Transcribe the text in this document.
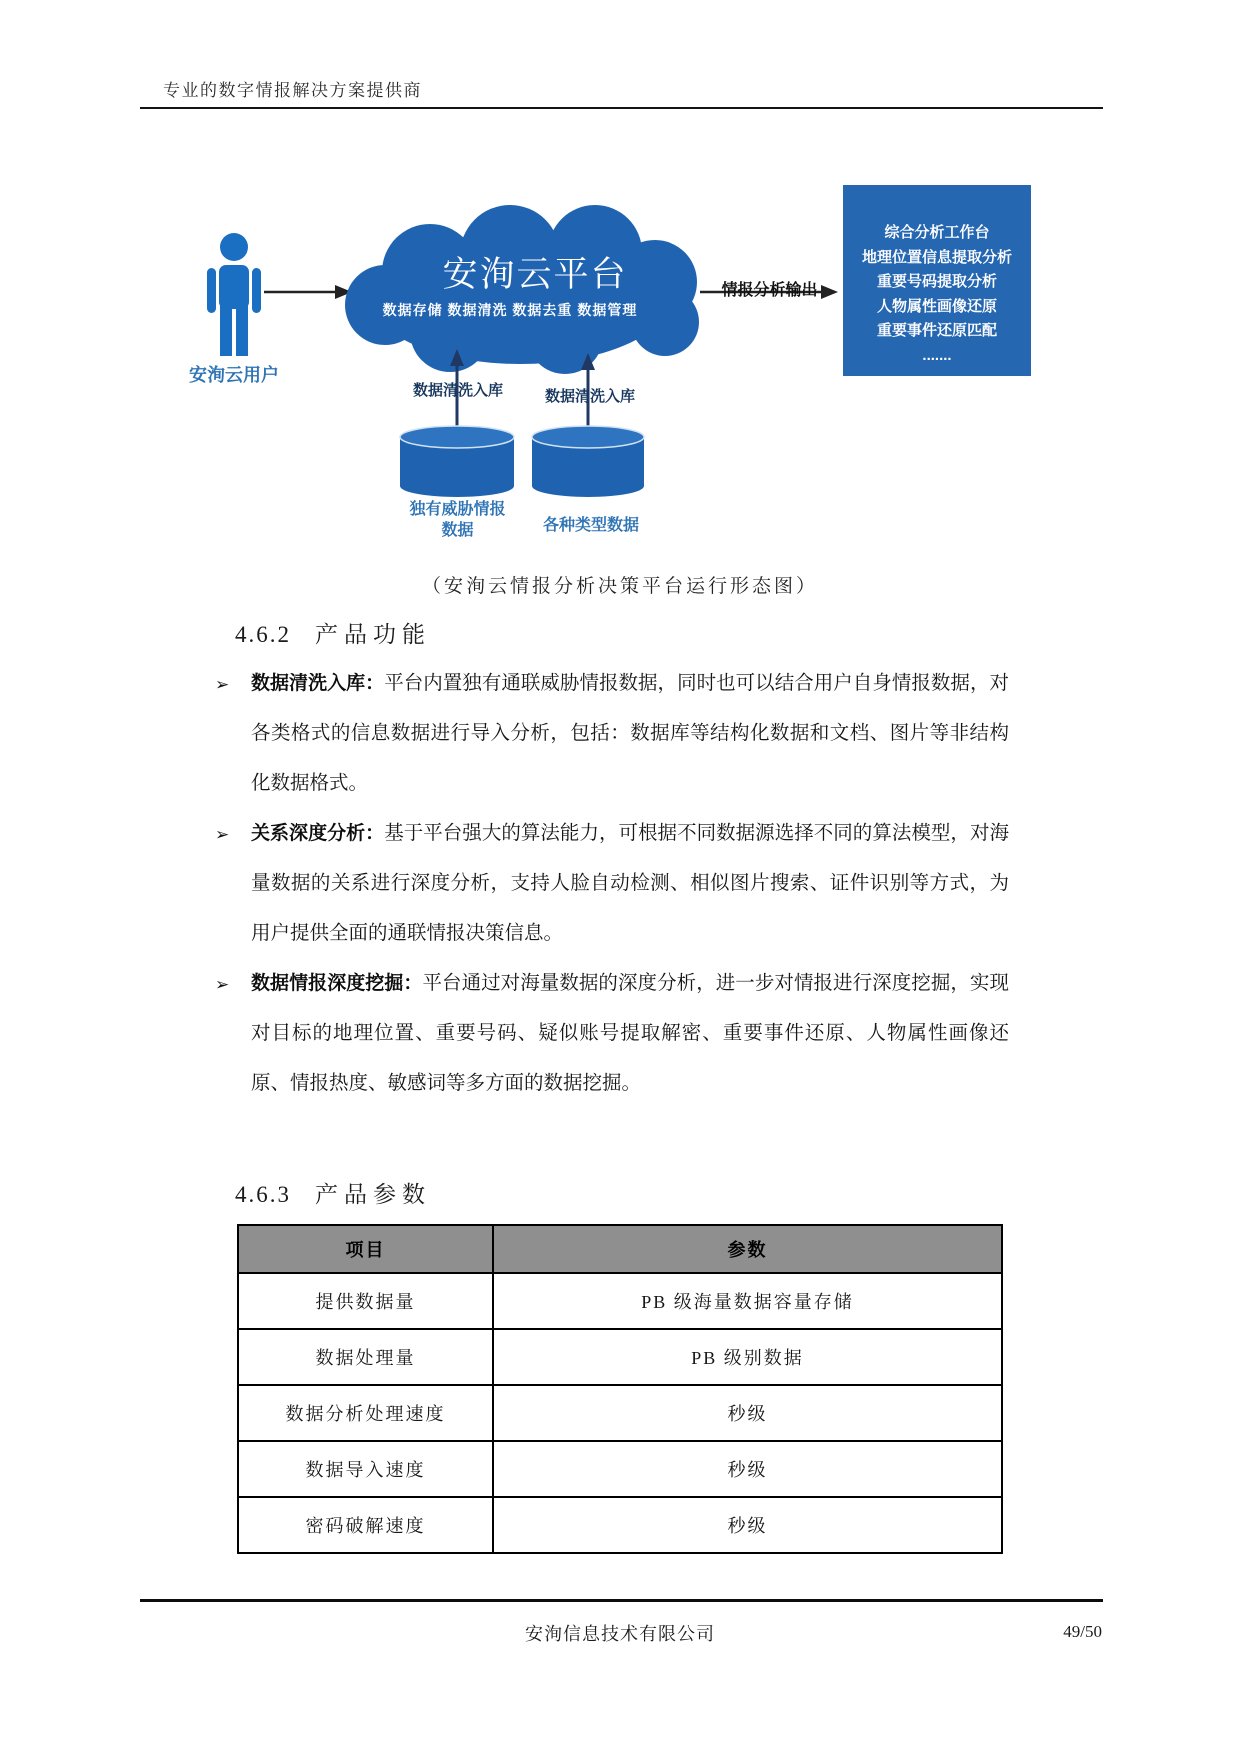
专业的数字情报解决方案提供商
安洵云用户
安洵云平台
数据存储 数据清洗 数据去重 数据管理
情报分析输出
综合分析工作台
地理位置信息提取分析
重要号码提取分析
人物属性画像还原
重要事件还原匹配
.......
数据清洗入库	数据清洗入库
独有威胁情报
数据	各种类型数据
（安洵云情报分析决策平台运行形态图）
4.6.2 产品功能

➢ 数据清洗入库：平台内置独有通联威胁情报数据，同时也可以结合用户自身情报数据，对各类格式的信息数据进行导入分析，包括：数据库等结构化数据和文档、图片等非结构化数据格式。

➢ 关系深度分析：基于平台强大的算法能力，可根据不同数据源选择不同的算法模型，对海量数据的关系进行深度分析，支持人脸自动检测、相似图片搜索、证件识别等方式，为用户提供全面的通联情报决策信息。

➢ 数据情报深度挖掘：平台通过对海量数据的深度分析，进一步对情报进行深度挖掘，实现对目标的地理位置、重要号码、疑似账号提取解密、重要事件还原、人物属性画像还原、情报热度、敏感词等多方面的数据挖掘。

4.6.3 产品参数
项目	参数
提供数据量	PB 级海量数据容量存储
数据处理量	PB 级别数据
数据分析处理速度	秒级
数据导入速度	秒级
密码破解速度	秒级
安洵信息技术有限公司	49/50
